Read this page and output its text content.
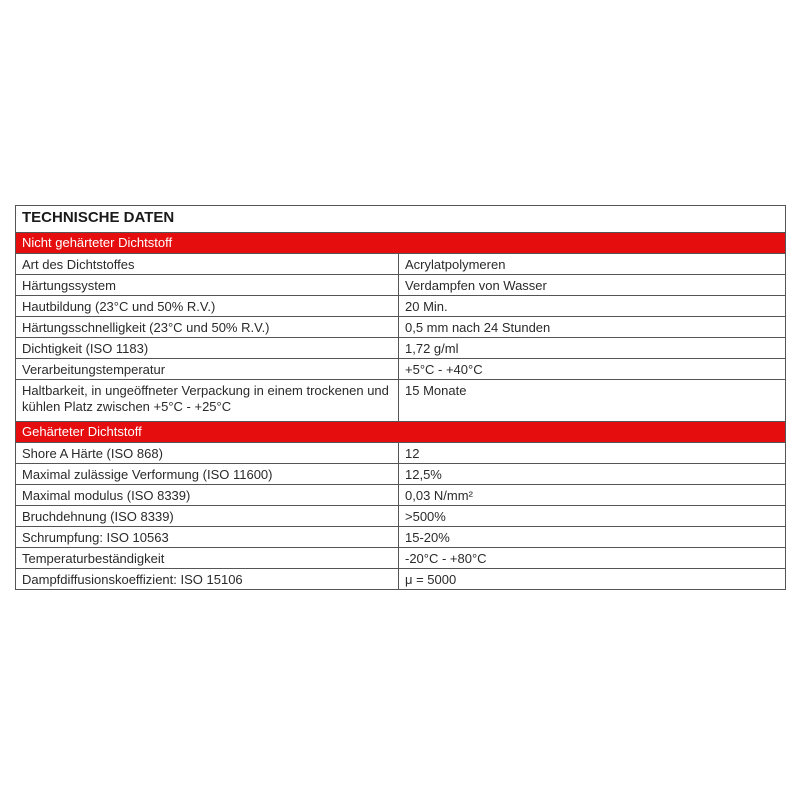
TECHNISCHE DATEN	
Nicht gehärteter Dichtstoff	
Art des Dichtstoffes	Acrylatpolymeren
Härtungssystem	Verdampfen von Wasser
Hautbildung (23°C und 50% R.V.)	20 Min.
Härtungsschnelligkeit (23°C und 50% R.V.)	0,5 mm nach 24 Stunden
Dichtigkeit (ISO 1183)	1,72 g/ml
Verarbeitungstemperatur	+5°C - +40°C
Haltbarkeit, in ungeöffneter Verpackung in einem trockenen und kühlen Platz zwischen +5°C - +25°C	15 Monate
Gehärteter Dichtstoff	
Shore A Härte (ISO 868)	12
Maximal zulässige Verformung (ISO 11600)	12,5%
Maximal modulus (ISO 8339)	0,03 N/mm²
Bruchdehnung (ISO 8339)	>500%
Schrumpfung: ISO 10563	15-20%
Temperaturbeständigkeit	-20°C - +80°C
Dampfdiffusionskoeffizient: ISO 15106	μ = 5000
